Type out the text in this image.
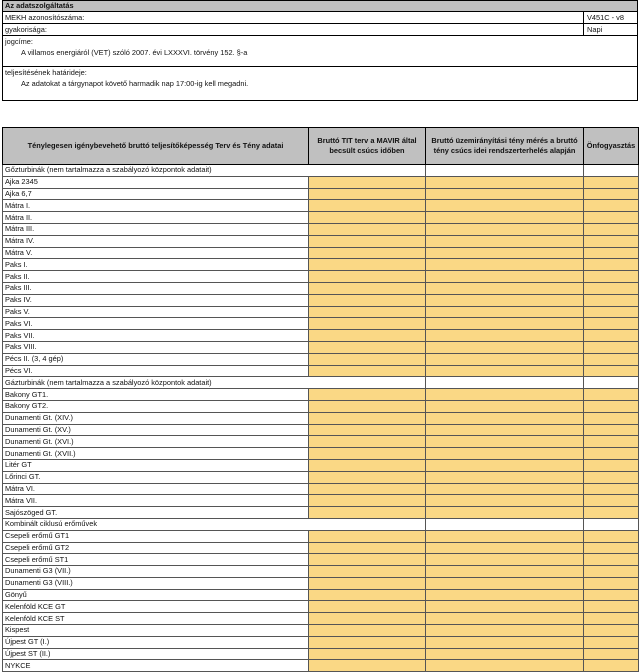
Az adatszolgáltatás
MEKH azonosítószáma:	V451C - v8
gyakorisága:	Napi
jogcíme:
A villamos energiáról (VET) szóló 2007. évi LXXXVI. törvény 152. §-a
teljesítésének határideje:
Az adatokat a tárgynapot követő harmadik nap 17:00-ig kell megadni.
Ténylegesen igénybevehető bruttó teljesítőképesség Terv és Tény adatai	Bruttó TIT terv a MAVIR által becsült csúcs időben	Bruttó üzemirányítási tény mérés a bruttó tény csúcs idei rendszerterhelés alapján	Önfogyasztás
Gőzturbinák (nem tartalmazza a szabályozó központok adatait)			
Ajka 2345			
Ajka 6,7			
Mátra I.			
Mátra II.			
Mátra III.			
Mátra IV.			
Mátra V.			
Paks I.			
Paks II.			
Paks III.			
Paks IV.			
Paks V.			
Paks VI.			
Paks VII.			
Paks VIII.			
Pécs II. (3, 4 gép)			
Pécs VI.			
Gázturbinák (nem tartalmazza a szabályozó központok adatait)			
Bakony GT1.			
Bakony GT2.			
Dunamenti Gt. (XIV.)			
Dunamenti Gt. (XV.)			
Dunamenti Gt. (XVI.)			
Dunamenti Gt. (XVII.)			
Litér GT			
Lőrinci GT.			
Mátra VI.			
Mátra VII.			
Sajószöged GT.			
Kombinált ciklusú erőművek			
Csepeli erőmű GT1			
Csepeli erőmű GT2			
Csepeli erőmű ST1			
Dunamenti G3 (VII.)			
Dunamenti G3 (VIII.)			
Gönyű			
Kelenföld KCE GT			
Kelenföld KCE ST			
Kispest			
Újpest GT (I.)			
Újpest ST (II.)			
NYKCE			
